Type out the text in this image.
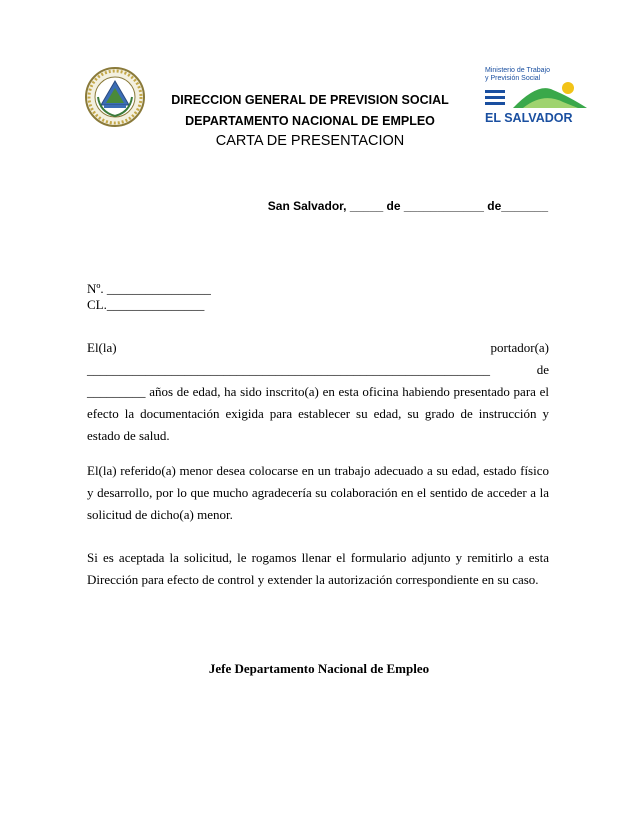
Ministerio de Trabajo
y Previsión Social
EL SALVADOR
DIRECCION GENERAL DE PREVISION SOCIAL
DEPARTAMENTO NACIONAL DE EMPLEO
CARTA DE PRESENTACION
San Salvador, _____ de ____________ de_______
Nº. ________________
CL._______________

El(la) portador(a) ______________________________________________________________ de _________ años de edad, ha sido inscrito(a) en esta oficina habiendo presentado para el efecto la documentación exigida para establecer su edad, su grado de instrucción y estado de salud.

El(la) referido(a) menor desea colocarse en un trabajo adecuado a su edad, estado físico y desarrollo, por lo que mucho agradecería su colaboración en el sentido de acceder a la solicitud de dicho(a) menor.

Si es aceptada la solicitud, le rogamos llenar el formulario adjunto y remitirlo a esta Dirección para efecto de control y extender la autorización correspondiente en su caso.

Jefe Departamento Nacional de Empleo
